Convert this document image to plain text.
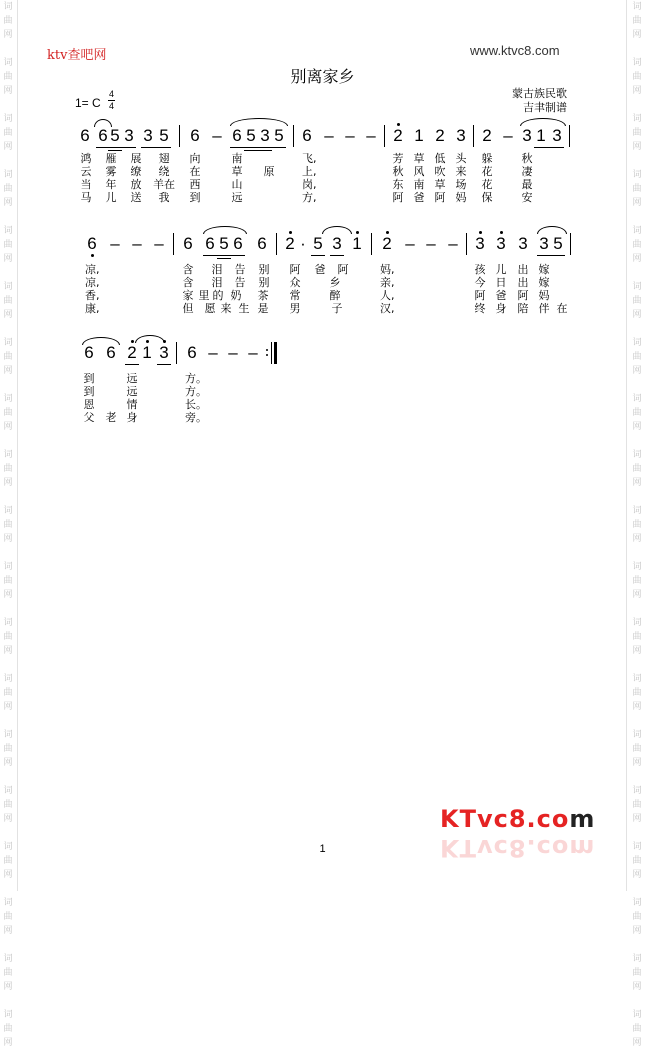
词
曲
网
词
曲
网
词
曲
网
词
曲
网
词
曲
网
词
曲
网
词
曲
网
词
曲
网
词
曲
网
词
曲
网
词
曲
网
词
曲
网
词
曲
网
词
曲
网
词
曲
网
词
曲
网
词
曲
网
词
曲
网
词
曲
网
词
曲
网
词
曲
网
词
曲
网
词
曲
网
词
曲
网
词
曲
网
词
曲
网
词
曲
网
词
曲
网
词
曲
网
词
曲
网
词
曲
网
词
曲
网
词
曲
网
词
曲
网
词
曲
网
词
曲
网
词
曲
网
词
曲
网
ktv查吧网	www.ktvc8.com
别离家乡
蒙古族民歌
吉聿制谱
1= C
4
4
6 6 5 3 3 5 6 – 6 5 3 5 6 – – – 2 1 2 3 2 – 3 1 3
鸿 雁 展 翅 向	南	飞,	芳 草 低 头 躲	秋
云 雾 缭 绕 在	草 原	上,	秋 风 吹 来 花	凄
当 年 放 羊在 西	山	岗,	东 南 草 场 花	最
马 儿 送 我 到	远	方,	阿 爸 阿 妈 保	安
6 – – – 6 6 5 6 6 2 · 5 3 1 2 – – – 3 3 3 3 5
凉,	含 泪 告 别 阿 爸 阿	妈,	孩 儿 出 嫁
凉,	含 泪 告 别 众	乡	亲,	今 日 出 嫁
香,	家 里 的 奶 茶 常	醉	人,	阿 爸 阿 妈
康,	但 愿 来 生 是 男	子	汉,	终 身 陪 伴 在
6 6 2 1 3 6 – – –
到	远	方。
到	远	方。
恩	情	长。
父 老 身	旁。
KTvc8.com
KTvc8.com
1
